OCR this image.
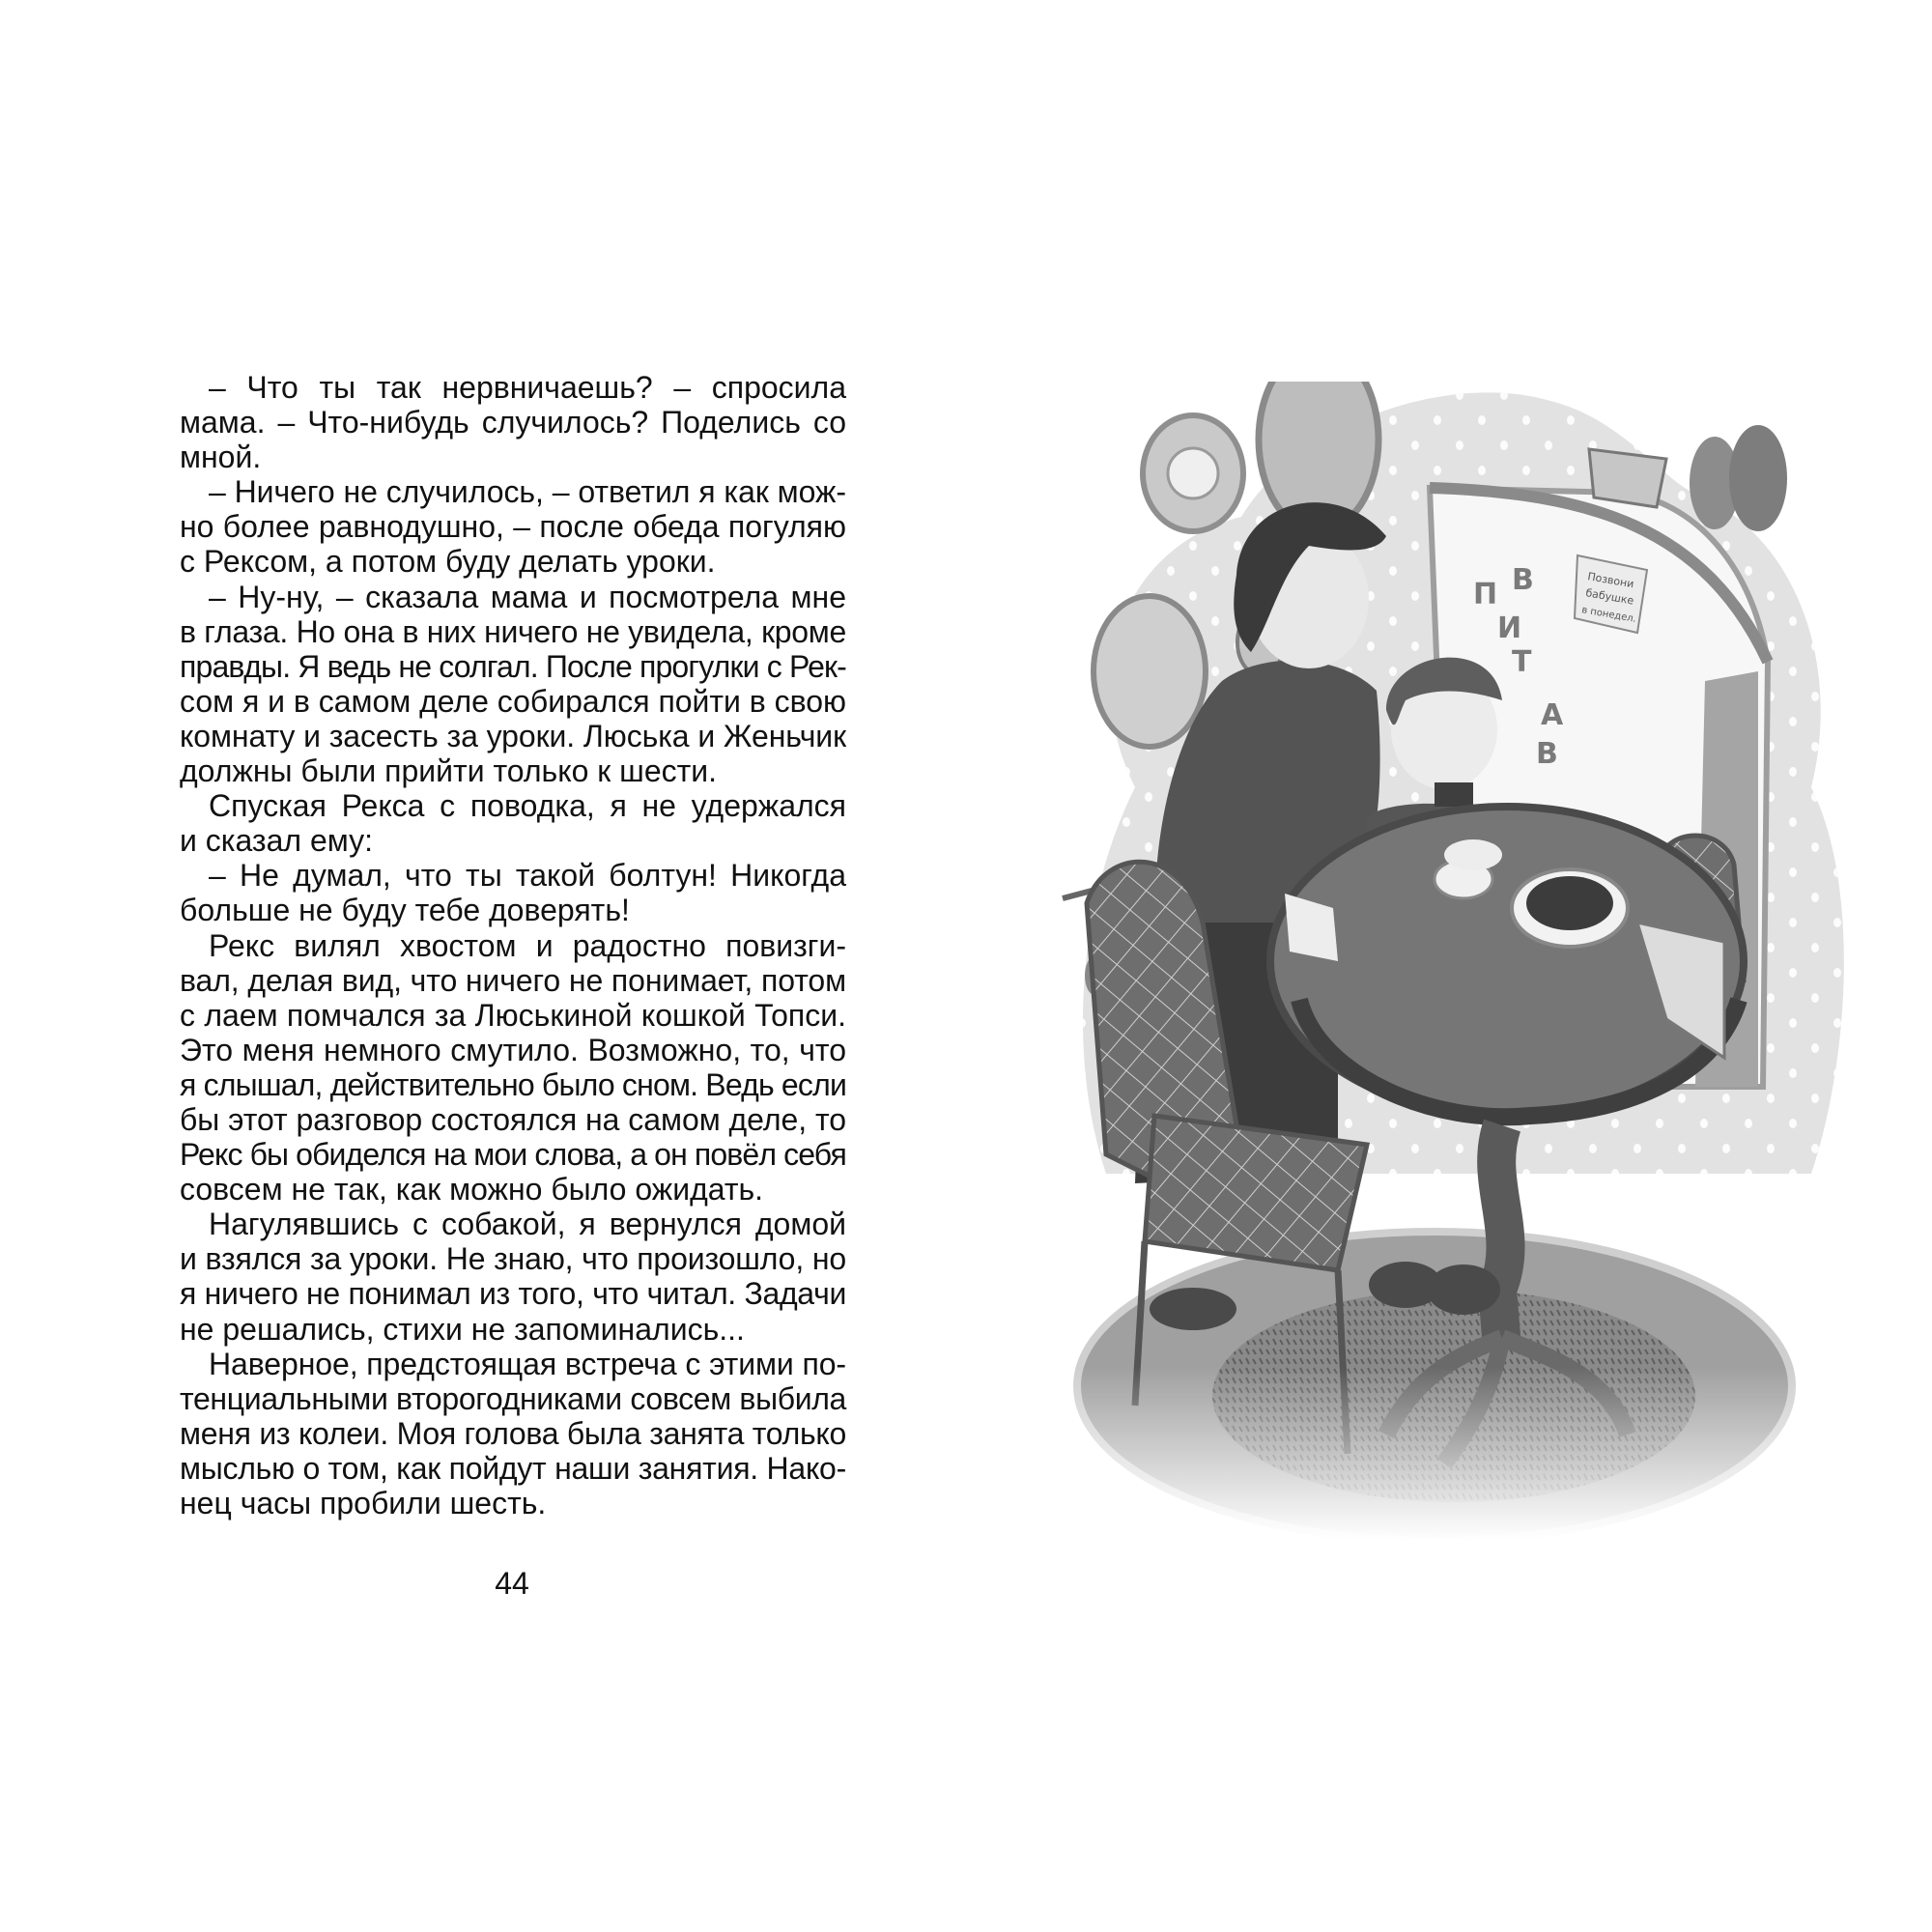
– Что ты так нервничаешь? – спросила
мама. – Что-нибудь случилось? Поделись со
мной.
– Ничего не случилось, – ответил я как мож-
но более равнодушно, – после обеда погуляю
с Рексом, а потом буду делать уроки.
– Ну-ну, – сказала мама и посмотрела мне
в глаза. Но она в них ничего не увидела, кроме
правды. Я ведь не солгал. После прогулки с Рек-
сом я и в самом деле собирался пойти в свою
комнату и засесть за уроки. Люська и Женьчик
должны были прийти только к шести.
Спуская Рекса с поводка, я не удержался
и сказал ему:
– Не думал, что ты такой болтун! Никогда
больше не буду тебе доверять!
Рекс вилял хвостом и радостно повизги-
вал, делая вид, что ничего не понимает, потом
с лаем помчался за Люськиной кошкой Топси.
Это меня немного смутило. Возможно, то, что
я слышал, действительно было сном. Ведь если
бы этот разговор состоялся на самом деле, то
Рекс бы обиделся на мои слова, а он повёл себя
совсем не так, как можно было ожидать.
Нагулявшись с собакой, я вернулся домой
и взялся за уроки. Не знаю, что произошло, но
я ничего не понимал из того, что читал. Задачи
не решались, стихи не запоминались...
Наверное, предстоящая встреча с этими по-
тенциальными второгодниками совсем выбила
меня из колеи. Моя голова была занята только
мыслью о том, как пойдут наши занятия. Нако-
нец часы пробили шесть.
44
